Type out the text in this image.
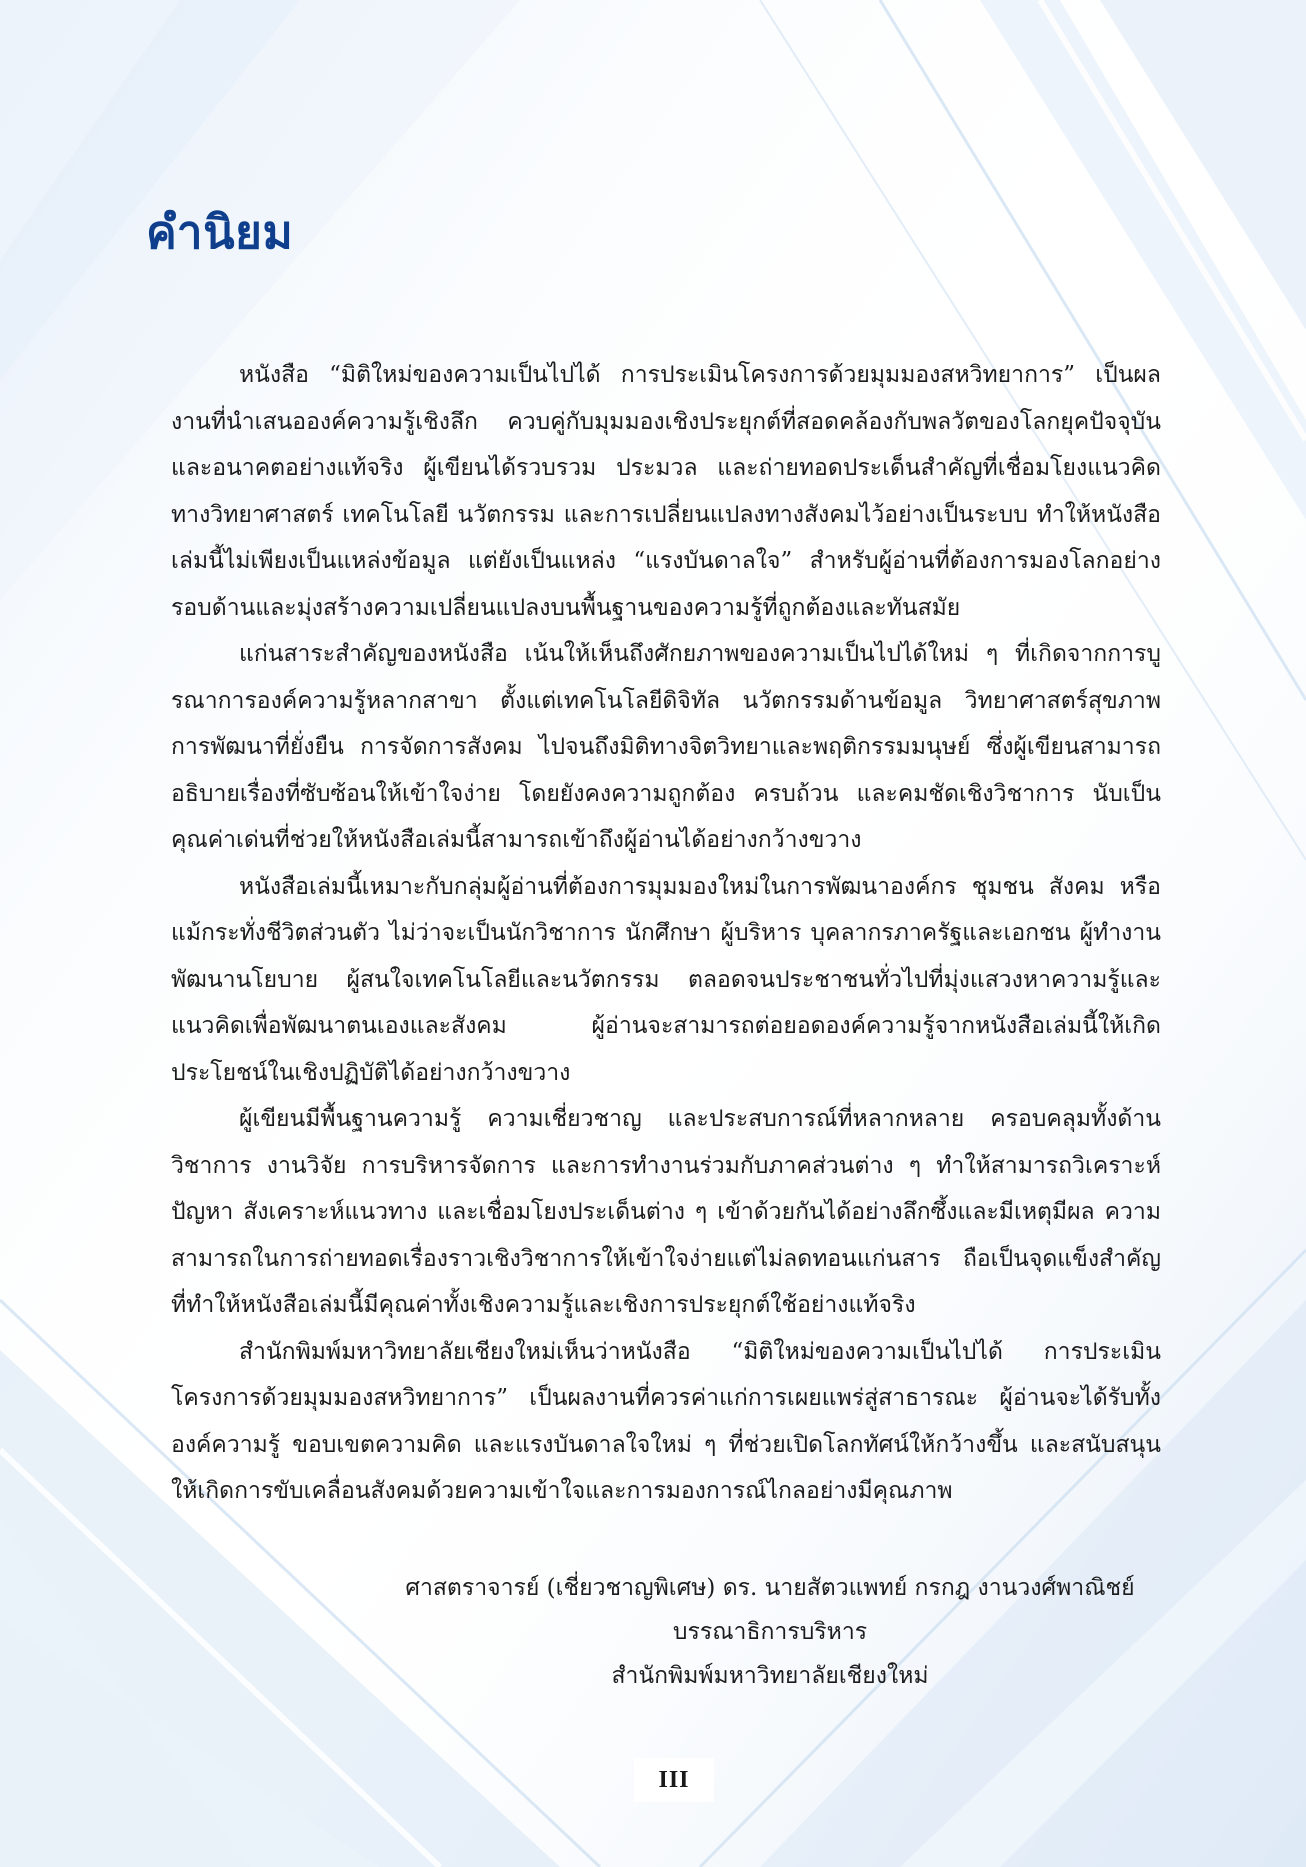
คำนิยม

หนังสือ “มิติใหม่ของความเป็นไปได้ การประเมินโครงการด้วยมุมมองสหวิทยาการ” เป็นผลงานที่นำเสนอองค์ความรู้เชิงลึก ควบคู่กับมุมมองเชิงประยุกต์ที่สอดคล้องกับพลวัตของโลกยุคปัจจุบันและอนาคตอย่างแท้จริง ผู้เขียนได้รวบรวม ประมวล และถ่ายทอดประเด็นสำคัญที่เชื่อมโยงแนวคิดทางวิทยาศาสตร์ เทคโนโลยี นวัตกรรม และการเปลี่ยนแปลงทางสังคมไว้อย่างเป็นระบบ ทำให้หนังสือเล่มนี้ไม่เพียงเป็นแหล่งข้อมูล แต่ยังเป็นแหล่ง “แรงบันดาลใจ” สำหรับผู้อ่านที่ต้องการมองโลกอย่างรอบด้านและมุ่งสร้างความเปลี่ยนแปลงบนพื้นฐานของความรู้ที่ถูกต้องและทันสมัย

แก่นสาระสำคัญของหนังสือ เน้นให้เห็นถึงศักยภาพของความเป็นไปได้ใหม่ ๆ ที่เกิดจากการบูรณาการองค์ความรู้หลากสาขา ตั้งแต่เทคโนโลยีดิจิทัล นวัตกรรมด้านข้อมูล วิทยาศาสตร์สุขภาพ การพัฒนาที่ยั่งยืน การจัดการสังคม ไปจนถึงมิติทางจิตวิทยาและพฤติกรรมมนุษย์ ซึ่งผู้เขียนสามารถอธิบายเรื่องที่ซับซ้อนให้เข้าใจง่าย โดยยังคงความถูกต้อง ครบถ้วน และคมชัดเชิงวิชาการ นับเป็นคุณค่าเด่นที่ช่วยให้หนังสือเล่มนี้สามารถเข้าถึงผู้อ่านได้อย่างกว้างขวาง

หนังสือเล่มนี้เหมาะกับกลุ่มผู้อ่านที่ต้องการมุมมองใหม่ในการพัฒนาองค์กร ชุมชน สังคม หรือแม้กระทั่งชีวิตส่วนตัว ไม่ว่าจะเป็นนักวิชาการ นักศึกษา ผู้บริหาร บุคลากรภาครัฐและเอกชน ผู้ทำงานพัฒนานโยบาย ผู้สนใจเทคโนโลยีและนวัตกรรม ตลอดจนประชาชนทั่วไปที่มุ่งแสวงหาความรู้และแนวคิดเพื่อพัฒนาตนเองและสังคม ผู้อ่านจะสามารถต่อยอดองค์ความรู้จากหนังสือเล่มนี้ให้เกิดประโยชน์ในเชิงปฏิบัติได้อย่างกว้างขวาง

ผู้เขียนมีพื้นฐานความรู้ ความเชี่ยวชาญ และประสบการณ์ที่หลากหลาย ครอบคลุมทั้งด้านวิชาการ งานวิจัย การบริหารจัดการ และการทำงานร่วมกับภาคส่วนต่าง ๆ ทำให้สามารถวิเคราะห์ปัญหา สังเคราะห์แนวทาง และเชื่อมโยงประเด็นต่าง ๆ เข้าด้วยกันได้อย่างลึกซึ้งและมีเหตุมีผล ความสามารถในการถ่ายทอดเรื่องราวเชิงวิชาการให้เข้าใจง่ายแต่ไม่ลดทอนแก่นสาร ถือเป็นจุดแข็งสำคัญที่ทำให้หนังสือเล่มนี้มีคุณค่าทั้งเชิงความรู้และเชิงการประยุกต์ใช้อย่างแท้จริง

สำนักพิมพ์มหาวิทยาลัยเชียงใหม่เห็นว่าหนังสือ “มิติใหม่ของความเป็นไปได้ การประเมินโครงการด้วยมุมมองสหวิทยาการ” เป็นผลงานที่ควรค่าแก่การเผยแพร่สู่สาธารณะ ผู้อ่านจะได้รับทั้งองค์ความรู้ ขอบเขตความคิด และแรงบันดาลใจใหม่ ๆ ที่ช่วยเปิดโลกทัศน์ให้กว้างขึ้น และสนับสนุนให้เกิดการขับเคลื่อนสังคมด้วยความเข้าใจและการมองการณ์ไกลอย่างมีคุณภาพ

ศาสตราจารย์ (เชี่ยวชาญพิเศษ) ดร. นายสัตวแพทย์ กรกฎ งานวงศ์พาณิชย์

บรรณาธิการบริหาร

สำนักพิมพ์มหาวิทยาลัยเชียงใหม่

III
